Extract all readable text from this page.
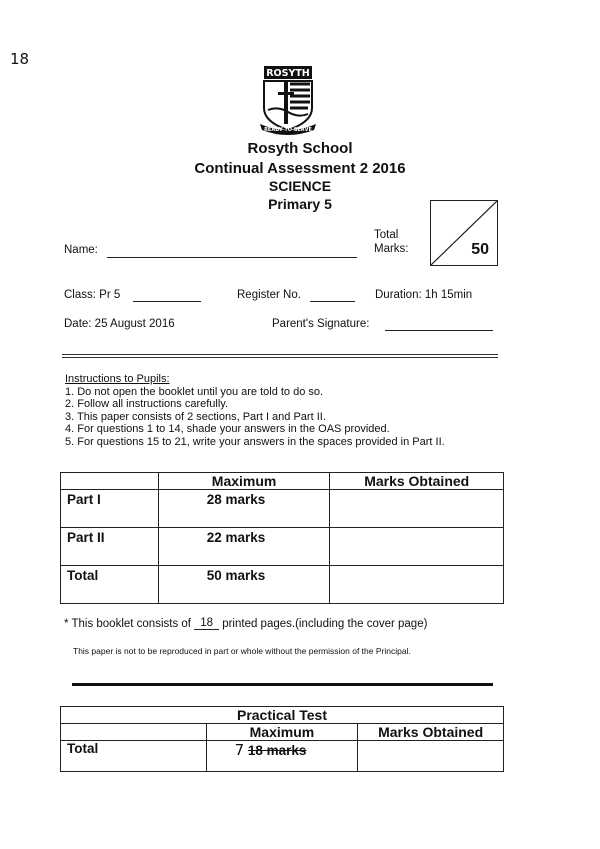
18
ROSYTH
READY TO SERVE
Rosyth School
Continual Assessment 2 2016
SCIENCE
Primary 5
Name:
Total
Marks:	50
Class: Pr 5	Register No.	Duration: 1h 15min
Date: 25 August 2016	Parent's Signature:
Instructions to Pupils:
1. Do not open the booklet until you are told to do so.
2. Follow all instructions carefully.
3. This paper consists of 2 sections, Part I and Part II.
4. For questions 1 to 14, shade your answers in the OAS provided.
5. For questions 15 to 21, write your answers in the spaces provided in Part II.
	Maximum	Marks Obtained
Part I	28 marks	
Part II	22 marks	
Total	50 marks	
* This booklet consists of 18 printed pages.(including the cover page)
This paper is not to be reproduced in part or whole without the permission of the Principal.
Practical Test		
	Maximum	Marks Obtained
Total	7 18 marks	
